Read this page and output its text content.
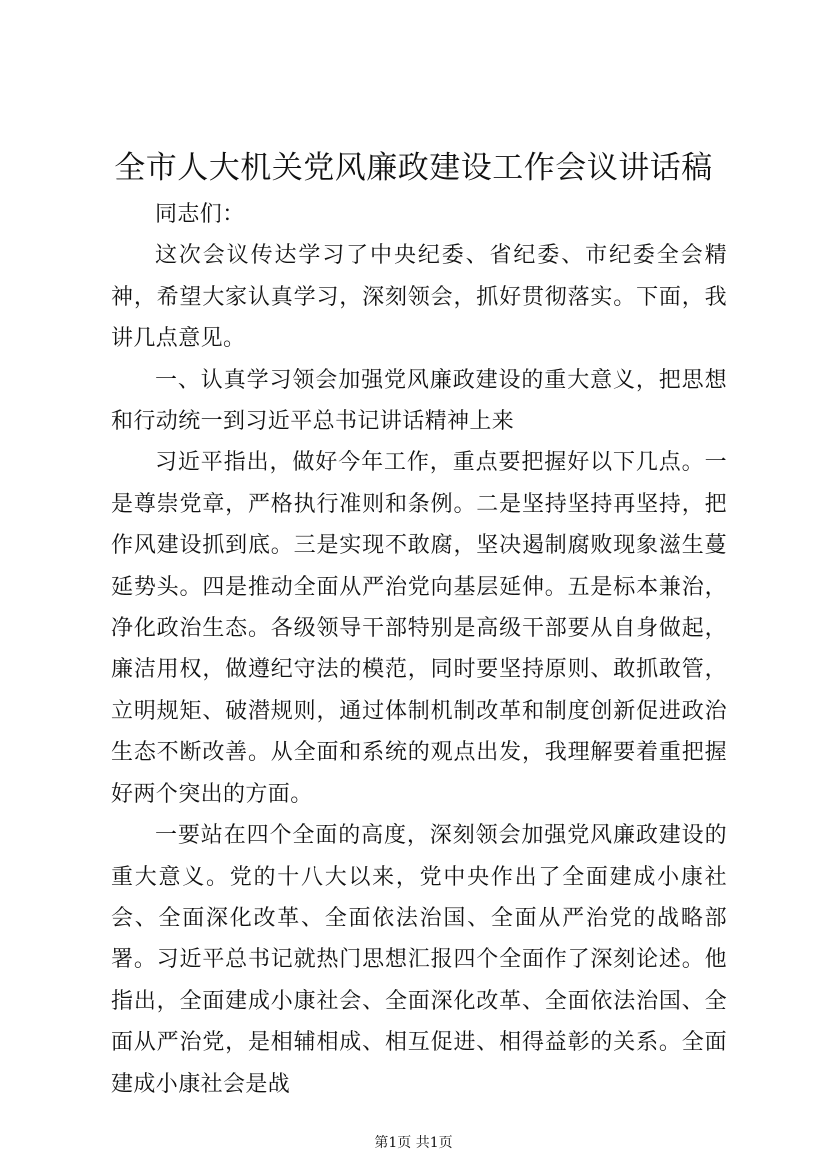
全市人大机关党风廉政建设工作会议讲话稿

同志们：

这次会议传达学习了中央纪委、省纪委、市纪委全会精神，希望大家认真学习，深刻领会，抓好贯彻落实。下面，我讲几点意见。

一、认真学习领会加强党风廉政建设的重大意义，把思想和行动统一到习近平总书记讲话精神上来

习近平指出，做好今年工作，重点要把握好以下几点。一是尊崇党章，严格执行准则和条例。二是坚持坚持再坚持，把作风建设抓到底。三是实现不敢腐，坚决遏制腐败现象滋生蔓延势头。四是推动全面从严治党向基层延伸。五是标本兼治，净化政治生态。各级领导干部特别是高级干部要从自身做起，廉洁用权，做遵纪守法的模范，同时要坚持原则、敢抓敢管，立明规矩、破潜规则，通过体制机制改革和制度创新促进政治生态不断改善。从全面和系统的观点出发，我理解要着重把握好两个突出的方面。

一要站在四个全面的高度，深刻领会加强党风廉政建设的重大意义。党的十八大以来，党中央作出了全面建成小康社会、全面深化改革、全面依法治国、全面从严治党的战略部署。习近平总书记就热门思想汇报四个全面作了深刻论述。他指出，全面建成小康社会、全面深化改革、全面依法治国、全面从严治党，是相辅相成、相互促进、相得益彰的关系。全面建成小康社会是战

第1页 共1页
